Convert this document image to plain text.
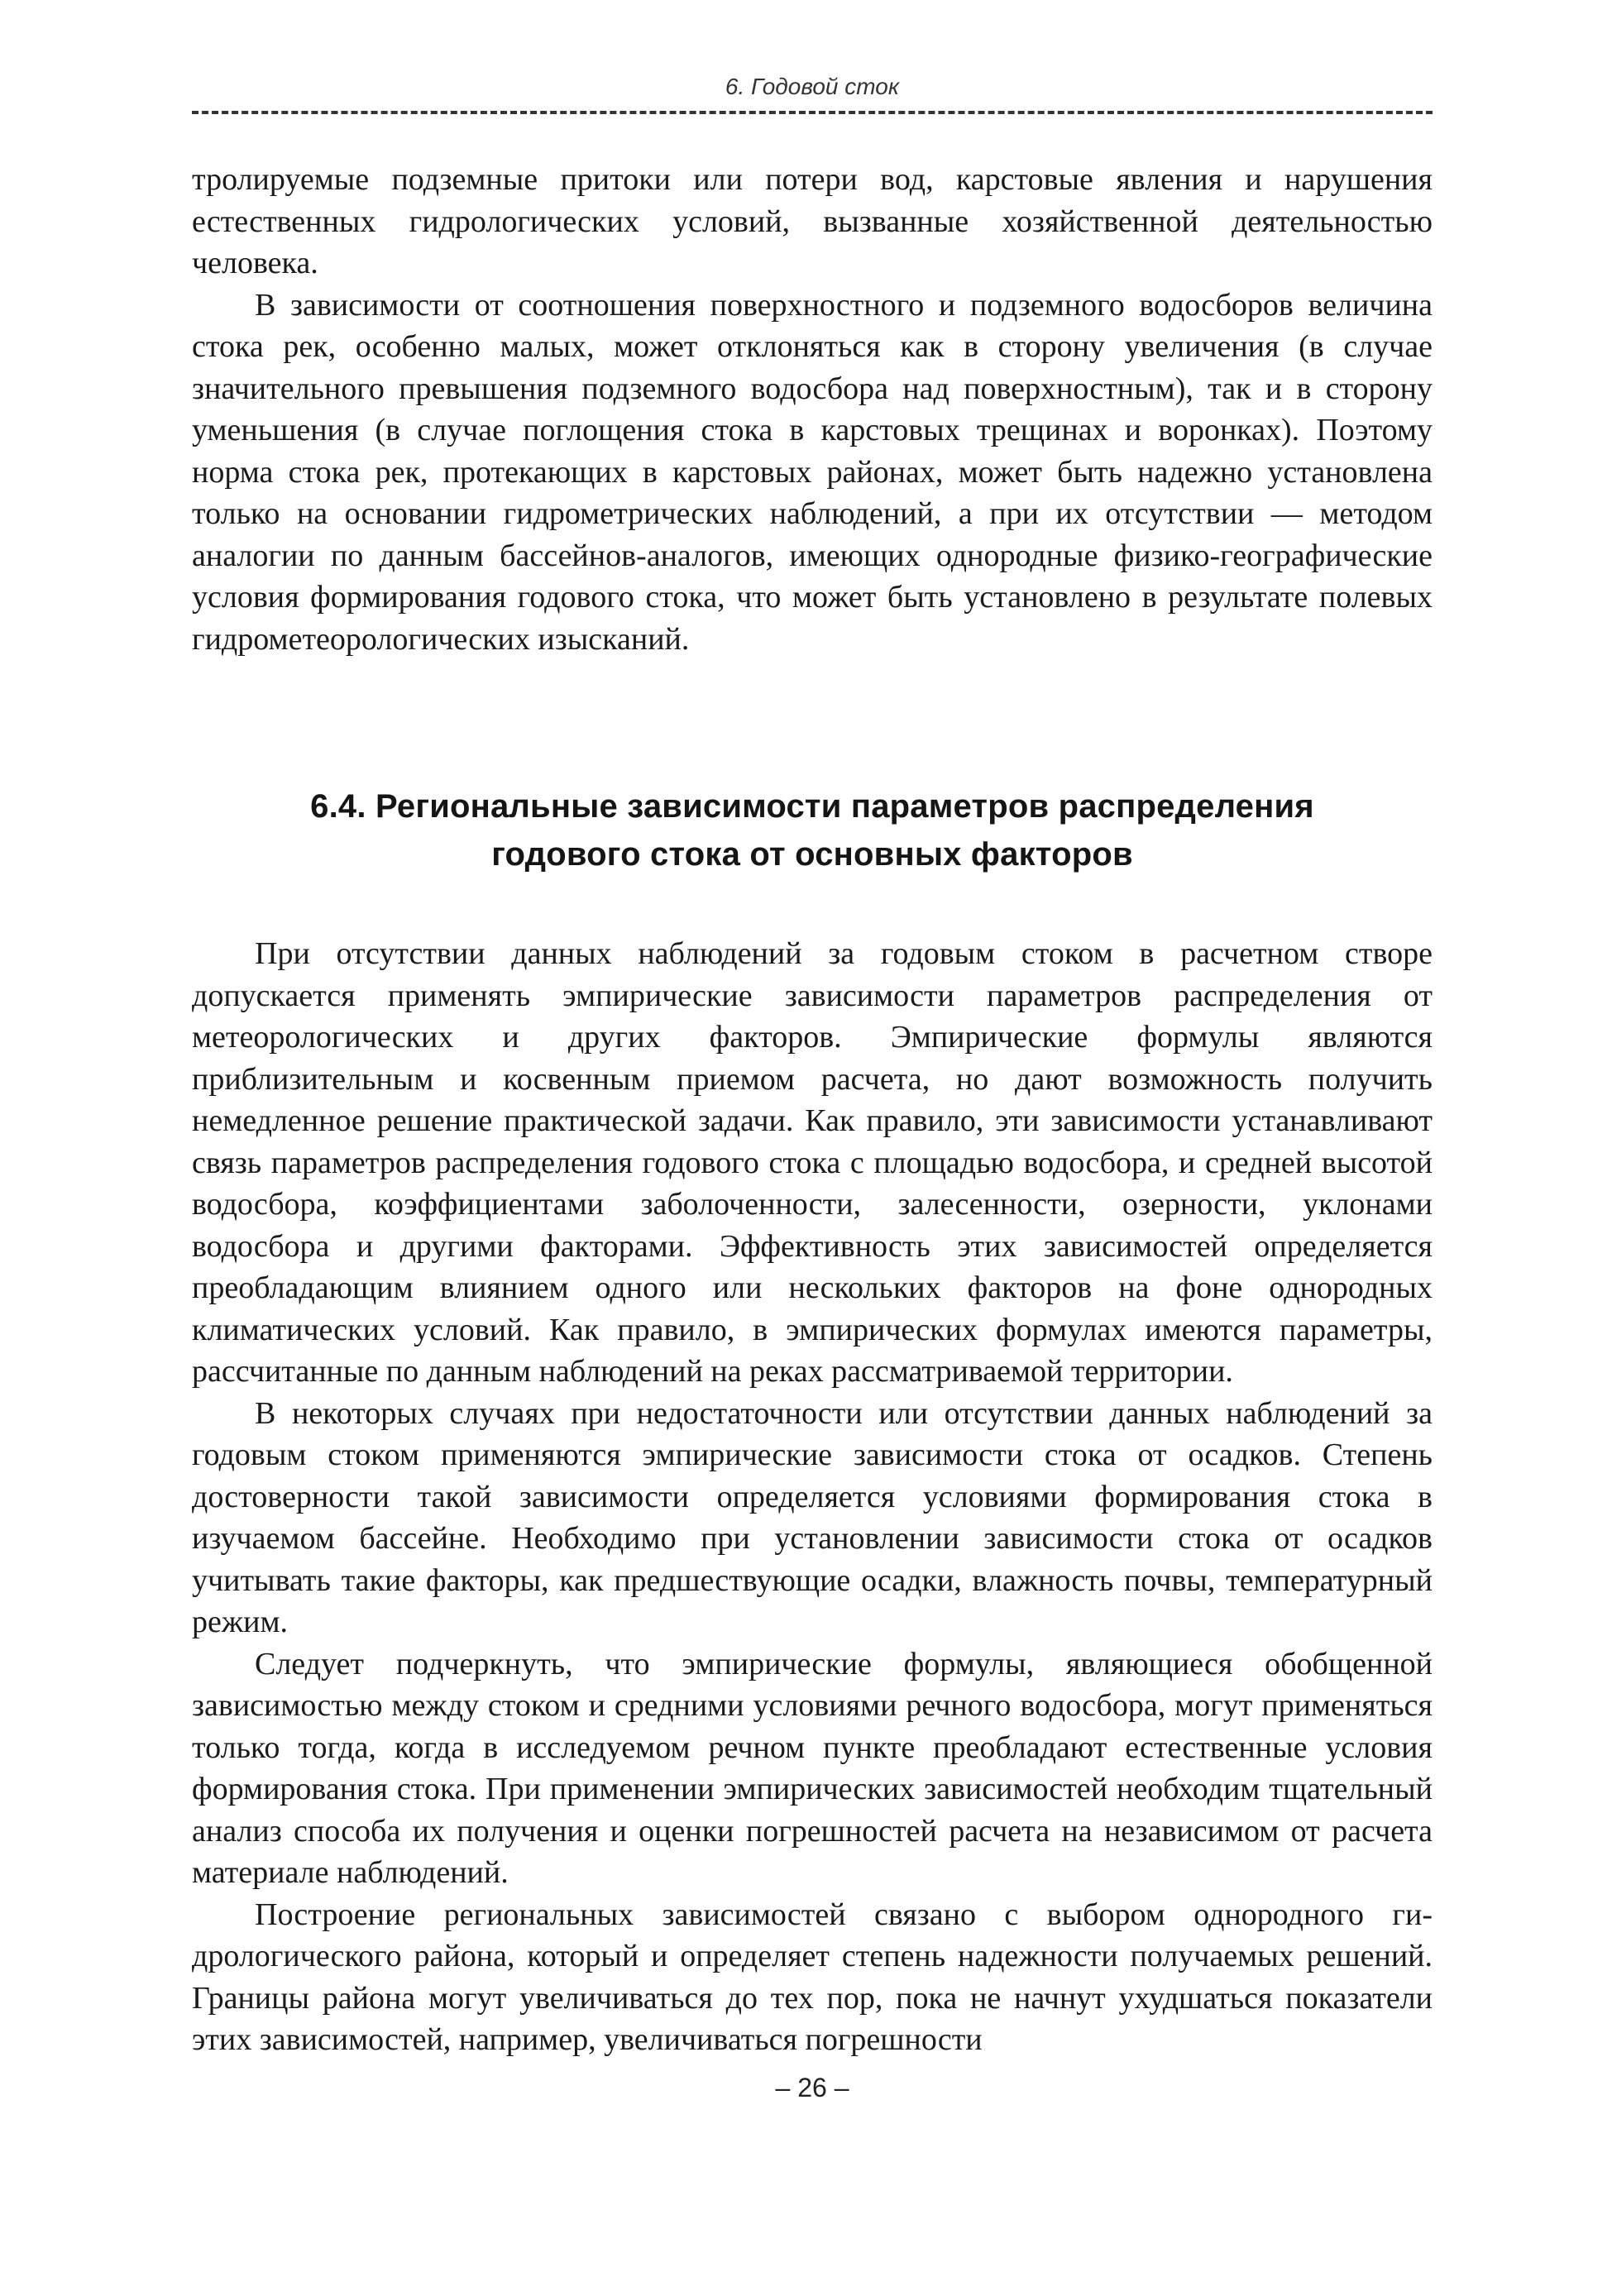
6. Годовой сток

тролируемые подземные притоки или потери вод, карстовые явления и нарушения естественных гидрологических условий, вызванные хозяйственной деятельностью человека.

В зависимости от соотношения поверхностного и подземного водосборов величина стока рек, особенно малых, может отклоняться как в сторону увеличения (в случае значительного превышения подземного водосбора над поверхностным), так и в сторону уменьшения (в случае поглощения стока в карстовых трещинах и воронках). Поэтому норма стока рек, протекающих в карстовых районах, может быть надежно установлена только на основании гидрометрических наблюдений, а при их отсутствии — методом аналогии по данным бассейнов-аналогов, имеющих однородные физико-географические условия формирования годового стока, что может быть установлено в результате полевых гидрометеорологических изысканий.

6.4. Региональные зависимости параметров распределения
годового стока от основных факторов

При отсутствии данных наблюдений за годовым стоком в расчетном створе допускается применять эмпирические зависимости параметров распределения от метеорологических и других факторов. Эмпирические формулы являются приблизительным и косвенным приемом расчета, но дают возможность получить немедленное решение практической задачи. Как правило, эти зависимости устанавливают связь параметров распределения годового стока с площадью водосбора, и средней высотой водосбора, коэффициентами заболоченности, залесенности, озерности, уклонами водосбора и другими факторами. Эффективность этих зависимостей определяется преобладающим влиянием одного или нескольких факторов на фоне однородных климатических условий. Как правило, в эмпирических формулах имеются параметры, рассчитанные по данным наблюдений на реках рассматриваемой территории.

В некоторых случаях при недостаточности или отсутствии данных наблюдений за годовым стоком применяются эмпирические зависимости стока от осадков. Степень достоверности такой зависимости определяется условиями формирования стока в изучаемом бассейне. Необходимо при установлении зависимости стока от осадков учитывать такие факторы, как предшествующие осадки, влажность почвы, температурный режим.

Следует подчеркнуть, что эмпирические формулы, являющиеся обобщенной зависимостью между стоком и средними условиями речного водосбора, могут применяться только тогда, когда в исследуемом речном пункте преобладают естественные условия формирования стока. При применении эмпирических зависимостей необходим тщательный анализ способа их получения и оценки погрешностей расчета на независимом от расчета материале наблюдений.

Построение региональных зависимостей связано с выбором однородного гидрологического района, который и определяет степень надежности получаемых решений. Границы района могут увеличиваться до тех пор, пока не начнут ухудшаться показатели этих зависимостей, например, увеличиваться погрешности

– 26 –
